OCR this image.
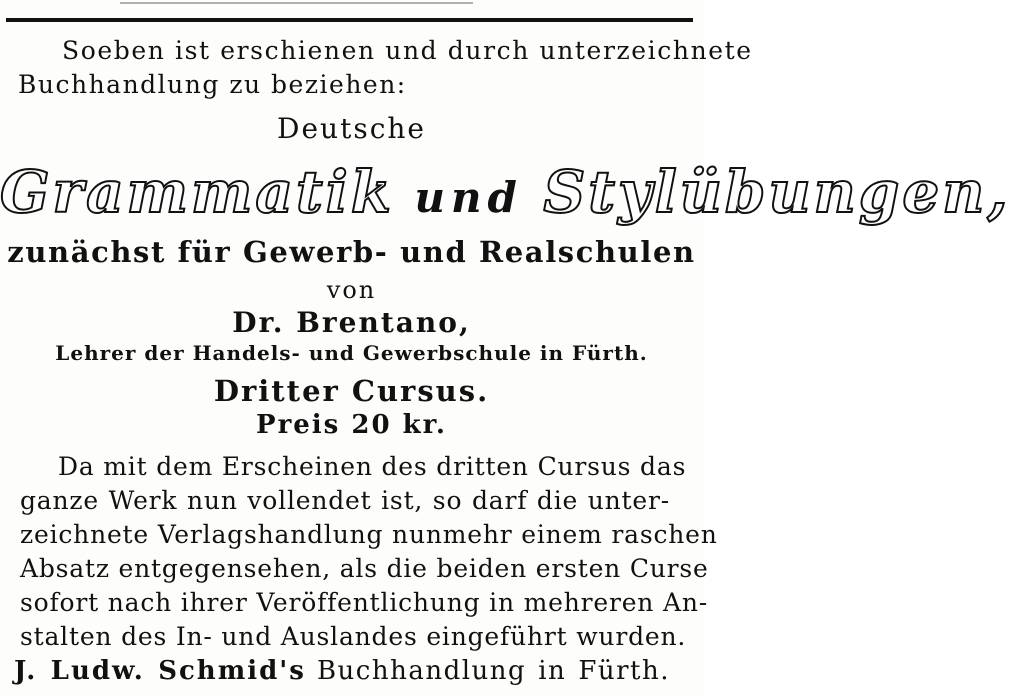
Soeben ist erschienen und durch unterzeichnete
Buchhandlung zu beziehen:
Deutsche
Grammatik und Stylübungen,
zunächst für Gewerb- und Realschulen
von
Dr. Brentano,
Lehrer der Handels- und Gewerbschule in Fürth.
Dritter Cursus.
Preis 20 kr.
Da mit dem Erscheinen des dritten Cursus das
ganze Werk nun vollendet ist, so darf die unter-
zeichnete Verlagshandlung nunmehr einem raschen
Absatz entgegensehen, als die beiden ersten Curse
sofort nach ihrer Veröffentlichung in mehreren An-
stalten des In- und Auslandes eingeführt wurden.
J. Ludw. Schmid's Buchhandlung in Fürth.
